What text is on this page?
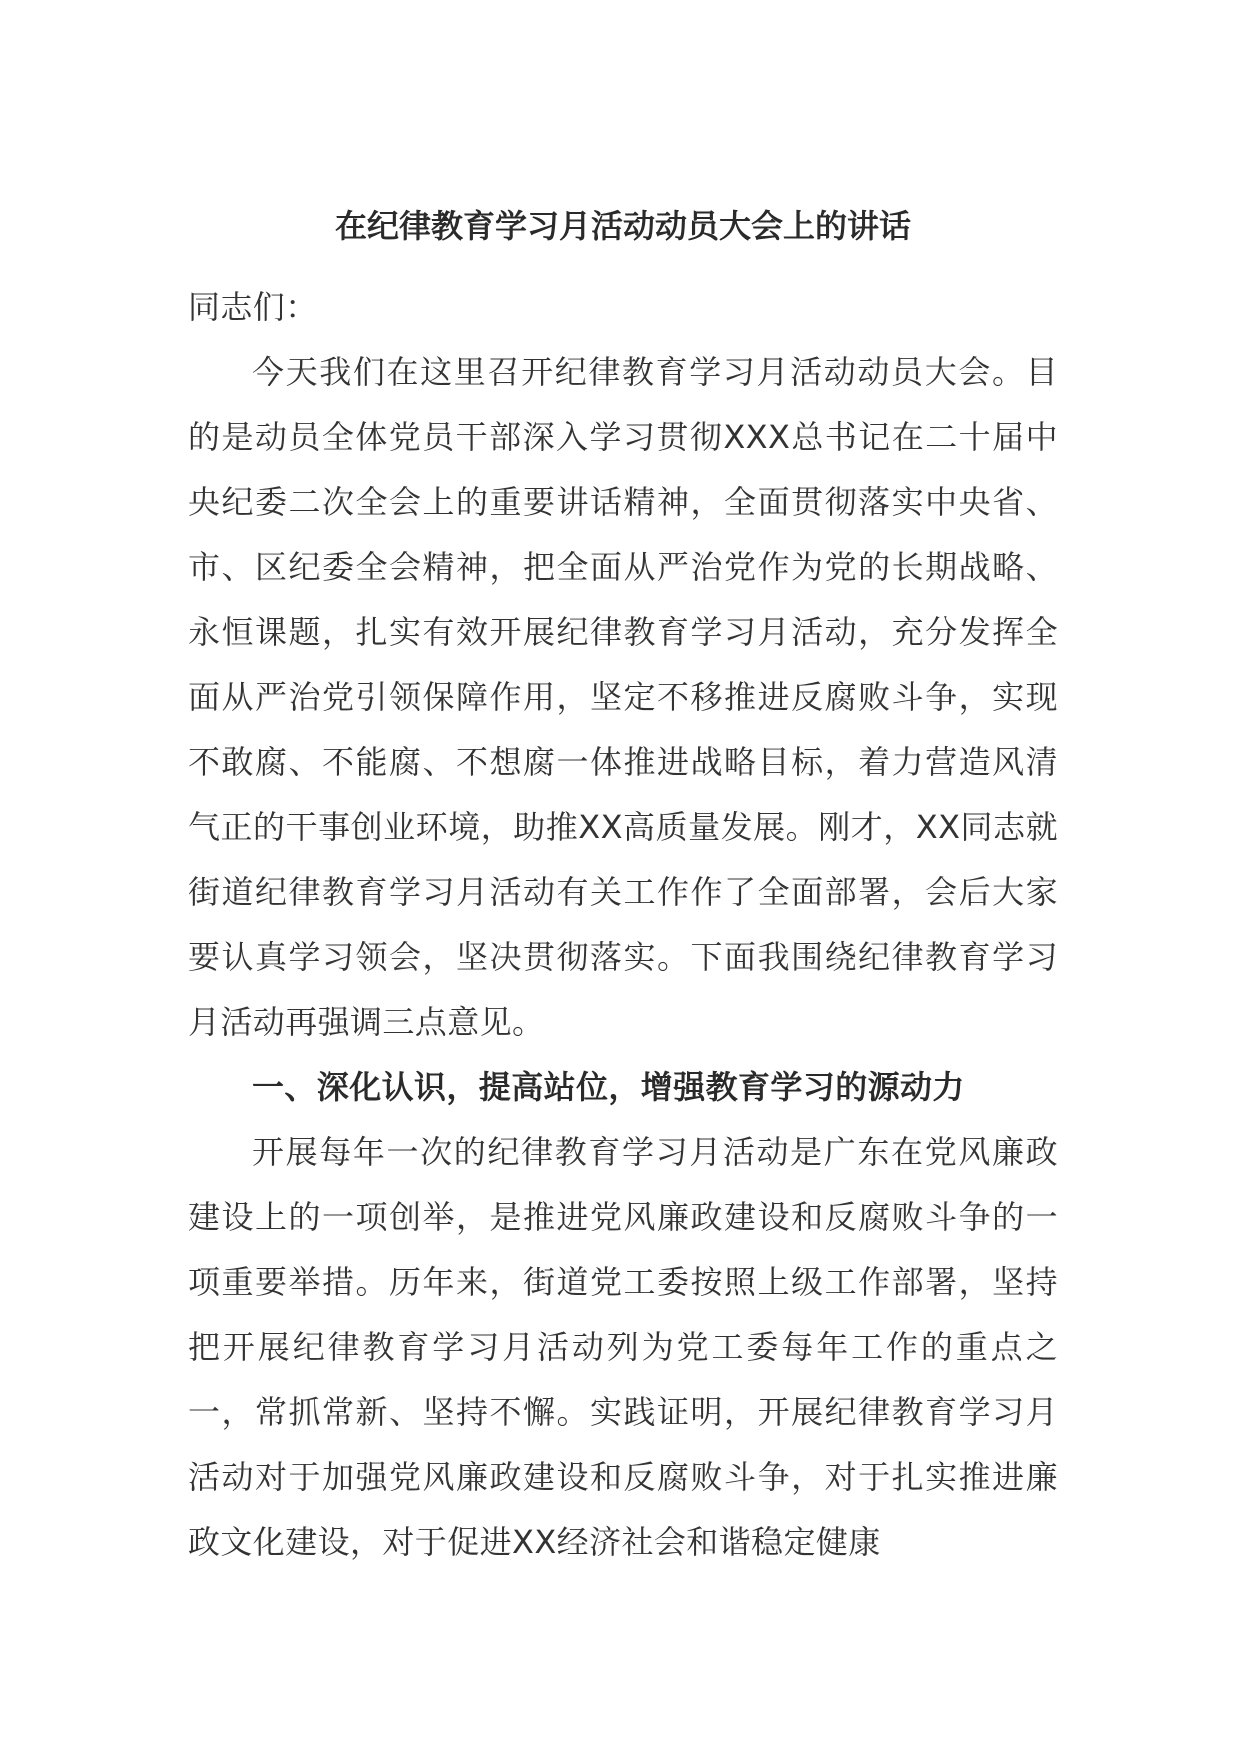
在纪律教育学习月活动动员大会上的讲话

同志们：

今天我们在这里召开纪律教育学习月活动动员大会。目的是动员全体党员干部深入学习贯彻XXX总书记在二十届中央纪委二次全会上的重要讲话精神，全面贯彻落实中央省、市、区纪委全会精神，把全面从严治党作为党的长期战略、永恒课题，扎实有效开展纪律教育学习月活动，充分发挥全面从严治党引领保障作用，坚定不移推进反腐败斗争，实现不敢腐、不能腐、不想腐一体推进战略目标，着力营造风清气正的干事创业环境，助推XX高质量发展。刚才，XX同志就街道纪律教育学习月活动有关工作作了全面部署，会后大家要认真学习领会，坚决贯彻落实。下面我围绕纪律教育学习月活动再强调三点意见。

一、深化认识，提高站位，增强教育学习的源动力

开展每年一次的纪律教育学习月活动是广东在党风廉政建设上的一项创举，是推进党风廉政建设和反腐败斗争的一项重要举措。历年来，街道党工委按照上级工作部署，坚持把开展纪律教育学习月活动列为党工委每年工作的重点之一，常抓常新、坚持不懈。实践证明，开展纪律教育学习月活动对于加强党风廉政建设和反腐败斗争，对于扎实推进廉政文化建设，对于促进XX经济社会和谐稳定健康
